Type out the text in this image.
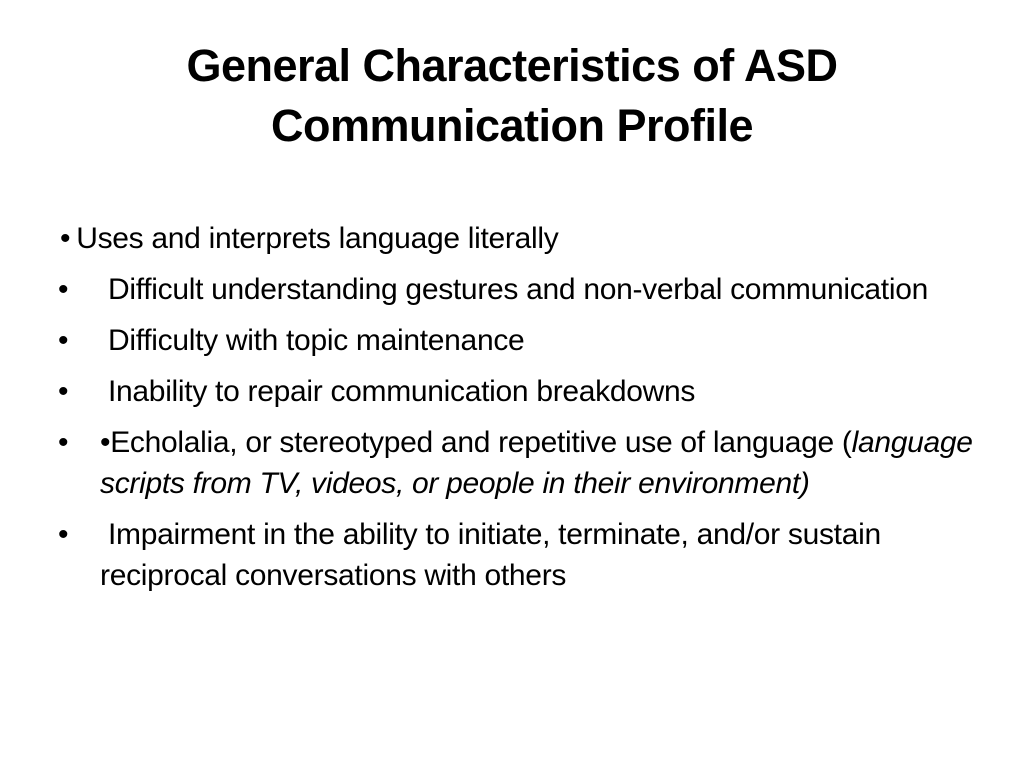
General Characteristics of ASD
Communication Profile
• Uses and interprets language literally
• Difficult understanding gestures and non-verbal communication
• Difficulty with topic maintenance
• Inability to repair communication breakdowns
• •Echolalia, or stereotyped and repetitive use of language (language scripts from TV, videos, or people in their environment)
• Impairment in the ability to initiate, terminate, and/or sustain reciprocal conversations with others
